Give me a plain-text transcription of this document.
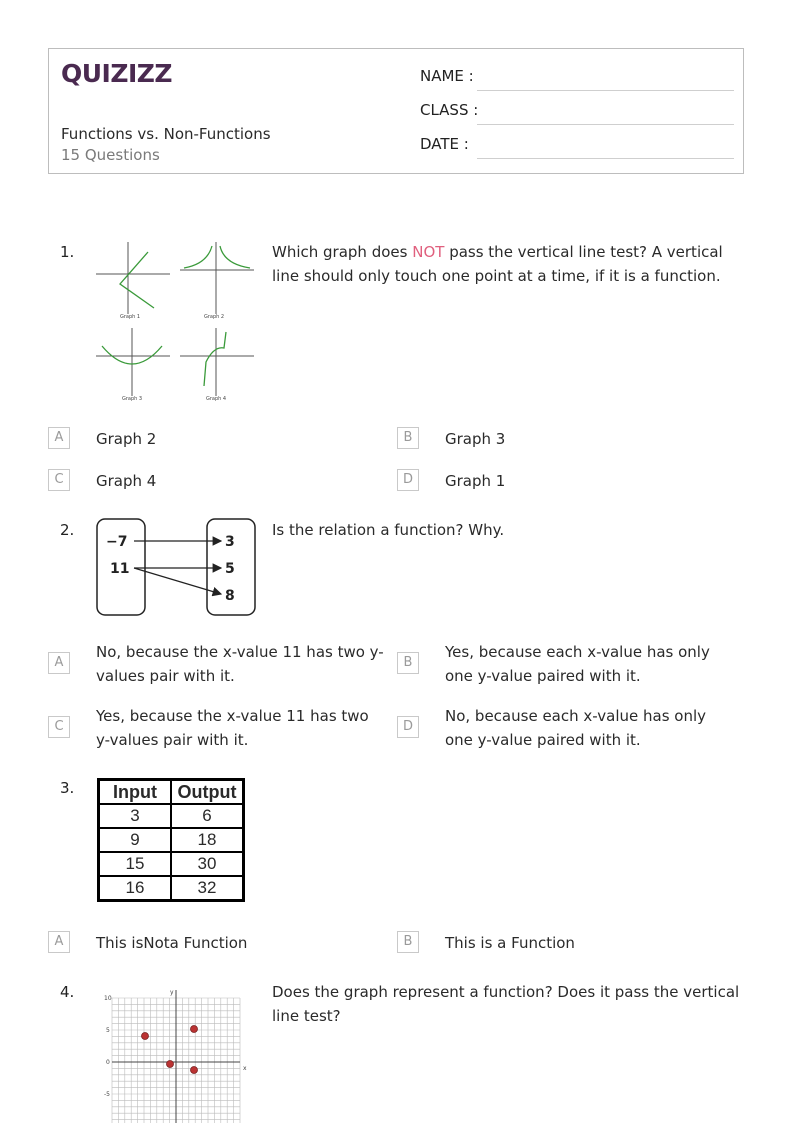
QUIZIZZ
Functions vs. Non-Functions
15 Questions
NAME :
CLASS :
DATE :
1.
Graph 1	Graph 2
Graph 3	Graph 4
Which graph does NOT pass the vertical line test? A vertical line should only touch one point at a time, if it is a function.
A	Graph 2	B	Graph 3
C	Graph 4	D	Graph 1
2.
−7
11
3
5
8
Is the relation a function? Why.
A
No, because the x-value 11 has two y-values pair with it.
B
Yes, because each x-value has only one y-value paired with it.
C
Yes, because the x-value 11 has two y-values pair with it.
D
No, because each x-value has only one y-value paired with it.
3. Input	Output
3	6
9	18
15	30
16	32
A	This isNota Function	B	This is a Function
4.	10
5
0
-5
x
y	Does the graph represent a function? Does it pass the vertical line test?
